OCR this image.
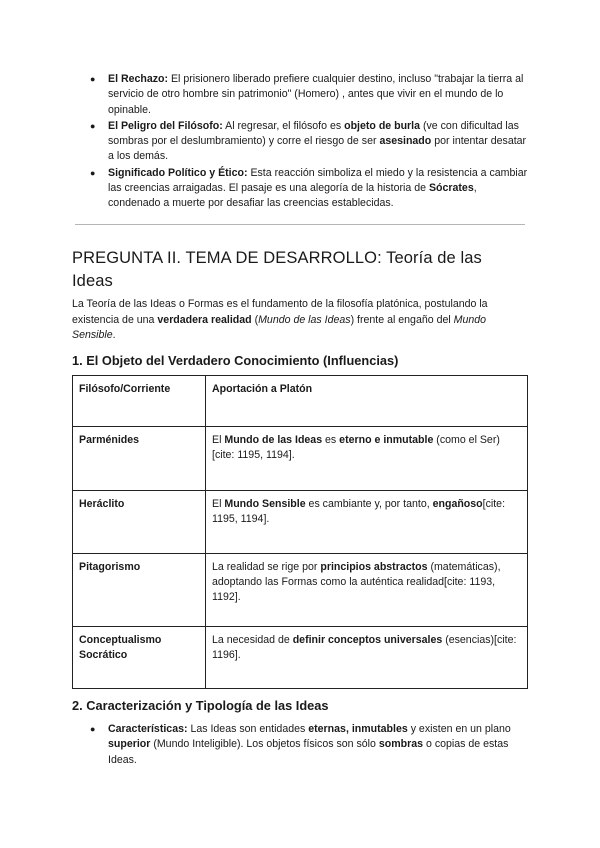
● El Rechazo: El prisionero liberado prefiere cualquier destino, incluso "trabajar la tierra al servicio de otro hombre sin patrimonio" (Homero) , antes que vivir en el mundo de lo opinable.
● El Peligro del Filósofo: Al regresar, el filósofo es objeto de burla (ve con dificultad las sombras por el deslumbramiento) y corre el riesgo de ser asesinado por intentar desatar a los demás.
● Significado Político y Ético: Esta reacción simboliza el miedo y la resistencia a cambiar las creencias arraigadas. El pasaje es una alegoría de la historia de Sócrates, condenado a muerte por desafiar las creencias establecidas.
PREGUNTA II. TEMA DE DESARROLLO: Teoría de las Ideas

La Teoría de las Ideas o Formas es el fundamento de la filosofía platónica, postulando la existencia de una verdadera realidad (Mundo de las Ideas) frente al engaño del Mundo Sensible.

1. El Objeto del Verdadero Conocimiento (Influencias)
Filósofo/Corriente	Aportación a Platón
Parménides	El Mundo de las Ideas es eterno e inmutable (como el Ser)[cite: 1195, 1194].
Heráclito	El Mundo Sensible es cambiante y, por tanto, engañoso[cite: 1195, 1194].
Pitagorismo	La realidad se rige por principios abstractos (matemáticas), adoptando las Formas como la auténtica realidad[cite: 1193, 1192].
Conceptualismo Socrático	La necesidad de definir conceptos universales (esencias)[cite: 1196].
2. Caracterización y Tipología de las Ideas
● Características: Las Ideas son entidades eternas, inmutables y existen en un plano superior (Mundo Inteligible). Los objetos físicos son sólo sombras o copias de estas Ideas.
